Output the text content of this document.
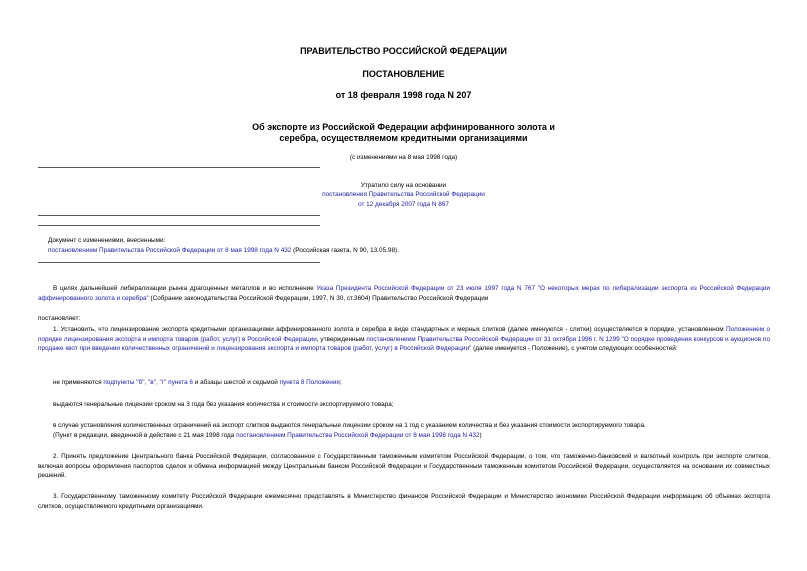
ПРАВИТЕЛЬСТВО РОССИЙСКОЙ ФЕДЕРАЦИИ
ПОСТАНОВЛЕНИЕ
от 18 февраля 1998 года N 207
Об экспорте из Российской Федерации аффинированного золота и
серебра, осуществляемом кредитными организациями
(с изменениями на 8 мая 1998 года)
Утратило силу на основании
постановления Правительства Российской Федерации
от 12 декабря 2007 года N 867
Документ с изменениями, внесенными:
постановлением Правительства Российской Федерации от 8 мая 1998 года N 432 (Российская газета, N 90, 13.05.98).
В целях дальнейшей либерализации рынка драгоценных металлов и во исполнение Указа Президента Российской Федерации от 23 июля 1997 года N 767 "О некоторых мерах по либерализации экспорта из Российской Федерации аффинированного золота и серебра" (Собрание законодательства Российской Федерации, 1997, N 30, ст.3604) Правительство Российской Федерации
постановляет:
1. Установить, что лицензирование экспорта кредитными организациями аффинированного золота и серебра в виде стандартных и мерных слитков (далее именуются - слитки) осуществляется в порядке, установленном Положением о порядке лицензирования экспорта и импорта товаров (работ, услуг) в Российской Федерации, утвержденным постановлением Правительства Российской Федерации от 31 октября 1996 г. N 1299 "О порядке проведения конкурсов и аукционов по продаже квот при введении количественных ограничений и лицензирования экспорта и импорта товаров (работ, услуг) в Российской Федерации" (далее именуется - Положение), с учетом следующих особенностей:
не применяются подпункты "б", "в", "г" пункта 6 и абзацы шестой и седьмой пункта 8 Положения;
выдаются генеральные лицензии сроком на 3 года без указания количества и стоимости экспортируемого товара;
в случае установления количественных ограничений на экспорт слитков выдаются генеральные лицензии сроком на 1 год с указанием количества и без указания стоимости экспортируемого товара.
(Пункт в редакции, введенной в действие с 21 мая 1998 года постановлением Правительства Российской Федерации от 8 мая 1998 года N 432)
2. Принять предложение Центрального банка Российской Федерации, согласованное с Государственным таможенным комитетом Российской Федерации, о том, что таможенно-банковский и валютный контроль при экспорте слитков, включая вопросы оформления паспортов сделок и обмена информацией между Центральным банком Российской Федерации и Государственным таможенным комитетом Российской Федерации, осуществляется на основании их совместных решений.
3. Государственному таможенному комитету Российской Федерации ежемесячно представлять в Министерство финансов Российской Федерации и Министерство экономики Российской Федерации информацию об объемах экспорта слитков, осуществляемого кредитными организациями.
